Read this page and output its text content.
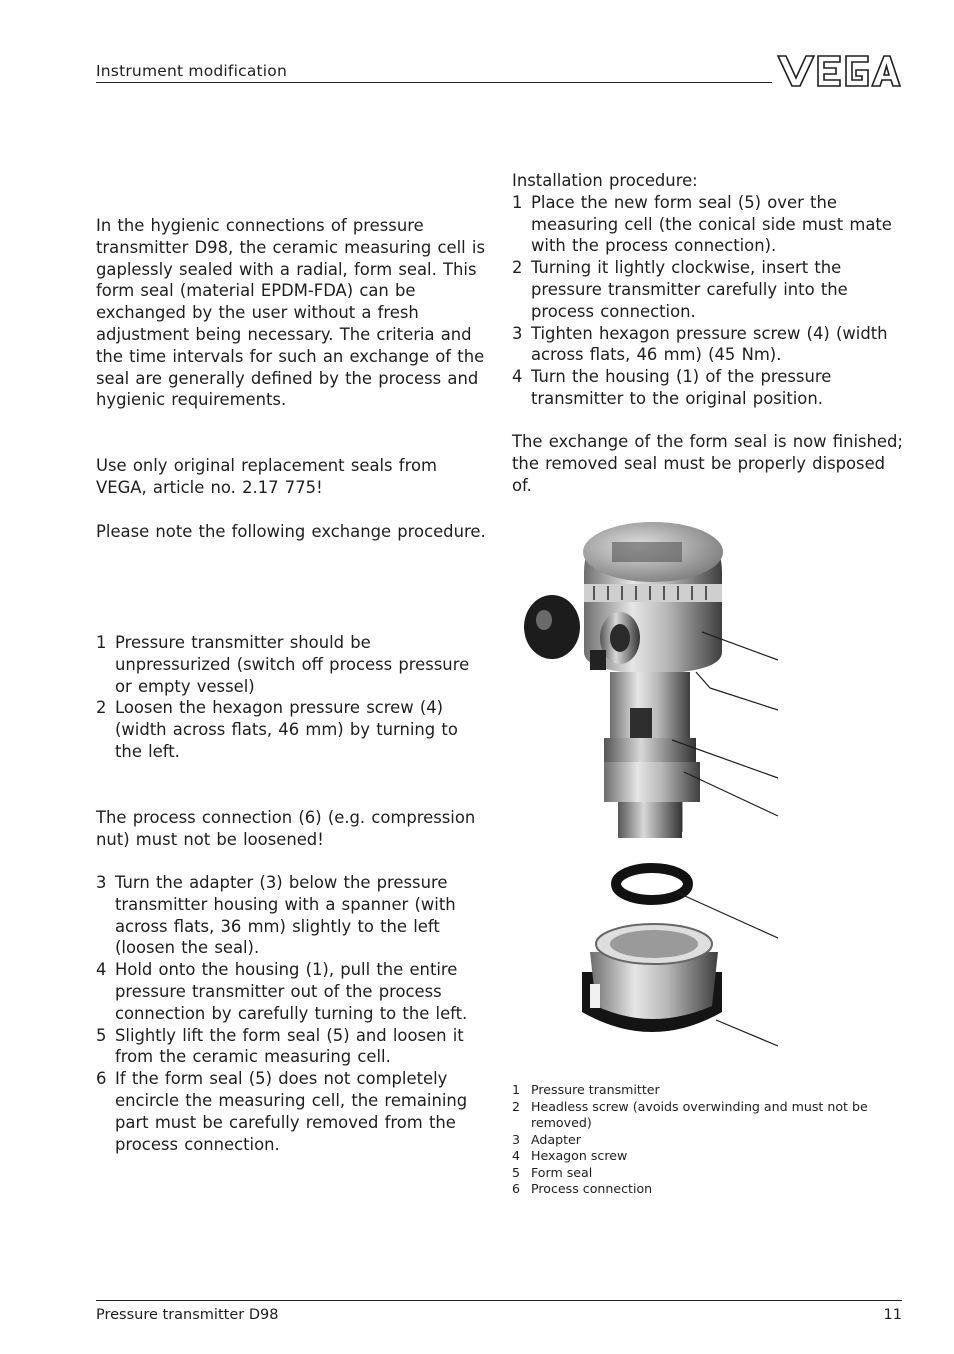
Instrument modification

In the hygienic connections of pressure transmitter D98, the ceramic measuring cell is gaplessly sealed with a radial, form seal. This form seal (material EPDM-FDA) can be exchanged by the user without a fresh adjustment being necessary. The criteria and the time intervals for such an exchange of the seal are generally defined by the process and hygienic requirements.

Use only original replacement seals from VEGA, article no. 2.17 775!

Please note the following exchange procedure.

1 Pressure transmitter should be unpressurized (switch off process pressure or empty vessel)
2 Loosen the hexagon pressure screw (4) (width across flats, 46 mm) by turning to the left.

The process connection (6) (e.g. compression nut) must not be loosened!

3 Turn the adapter (3) below the pressure transmitter housing with a spanner (with across flats, 36 mm) slightly to the left (loosen the seal).
4 Hold onto the housing (1), pull the entire pressure transmitter out of the process connection by carefully turning to the left.
5 Slightly lift the form seal (5) and loosen it from the ceramic measuring cell.
6 If the form seal (5) does not completely encircle the measuring cell, the remaining part must be carefully removed from the process connection.

Installation procedure:

1 Place the new form seal (5) over the measuring cell (the conical side must mate with the process connection).
2 Turning it lightly clockwise, insert the pressure transmitter carefully into the process connection.
3 Tighten hexagon pressure screw (4) (width across flats, 46 mm) (45 Nm).
4 Turn the housing (1) of the pressure transmitter to the original position.

The exchange of the form seal is now finished; the removed seal must be properly disposed of.

1 Pressure transmitter
2 Headless screw (avoids overwinding and must not be removed)
3 Adapter
4 Hexagon screw
5 Form seal
6 Process connection
Pressure transmitter D98	11
